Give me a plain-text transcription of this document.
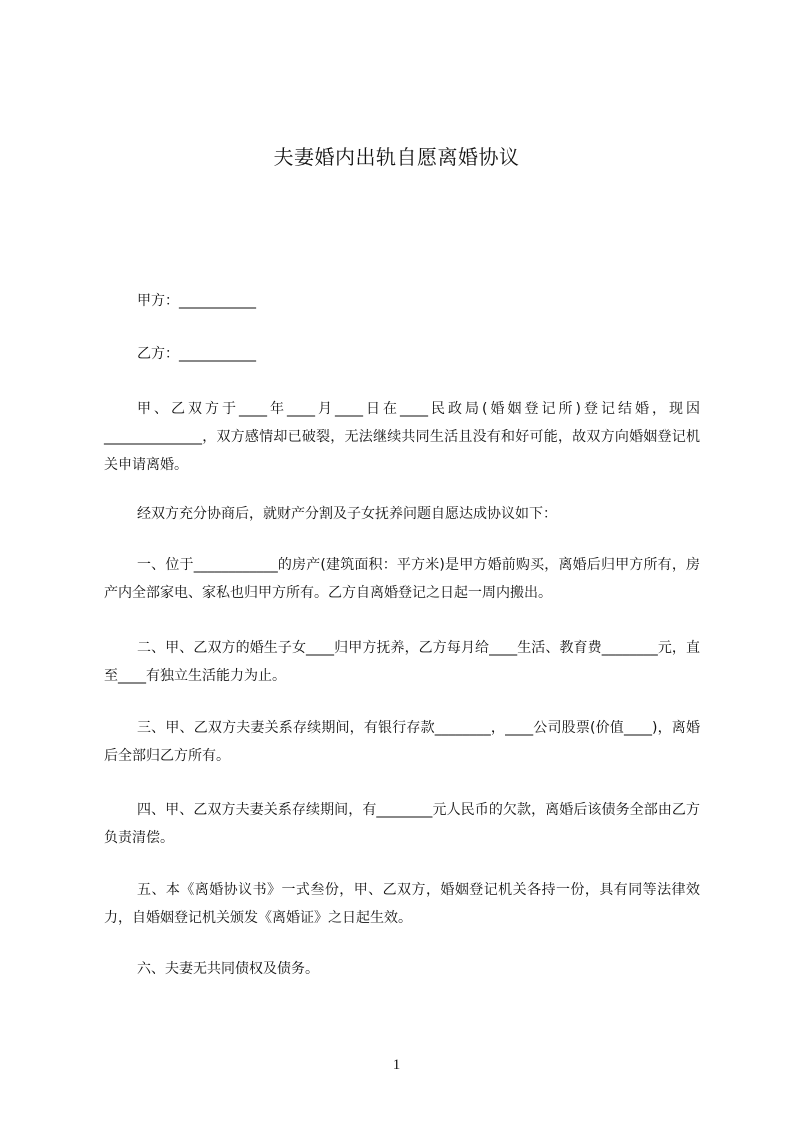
夫妻婚内出轨自愿离婚协议

甲方：___________

乙方：___________

甲、乙双方于____年____月____日在____民政局(婚姻登记所)登记结婚，现因______________，双方感情却已破裂，无法继续共同生活且没有和好可能，故双方向婚姻登记机关申请离婚。

经双方充分协商后，就财产分割及子女抚养问题自愿达成协议如下：

一、位于____________的房产(建筑面积：平方米)是甲方婚前购买，离婚后归甲方所有，房产内全部家电、家私也归甲方所有。乙方自离婚登记之日起一周内搬出。

二、甲、乙双方的婚生子女____归甲方抚养，乙方每月给____生活、教育费________元，直至____有独立生活能力为止。

三、甲、乙双方夫妻关系存续期间，有银行存款________，____公司股票(价值____)，离婚后全部归乙方所有。

四、甲、乙双方夫妻关系存续期间，有________元人民币的欠款，离婚后该债务全部由乙方负责清偿。

五、本《离婚协议书》一式叁份，甲、乙双方，婚姻登记机关各持一份，具有同等法律效力，自婚姻登记机关颁发《离婚证》之日起生效。

六、夫妻无共同债权及债务。

1
